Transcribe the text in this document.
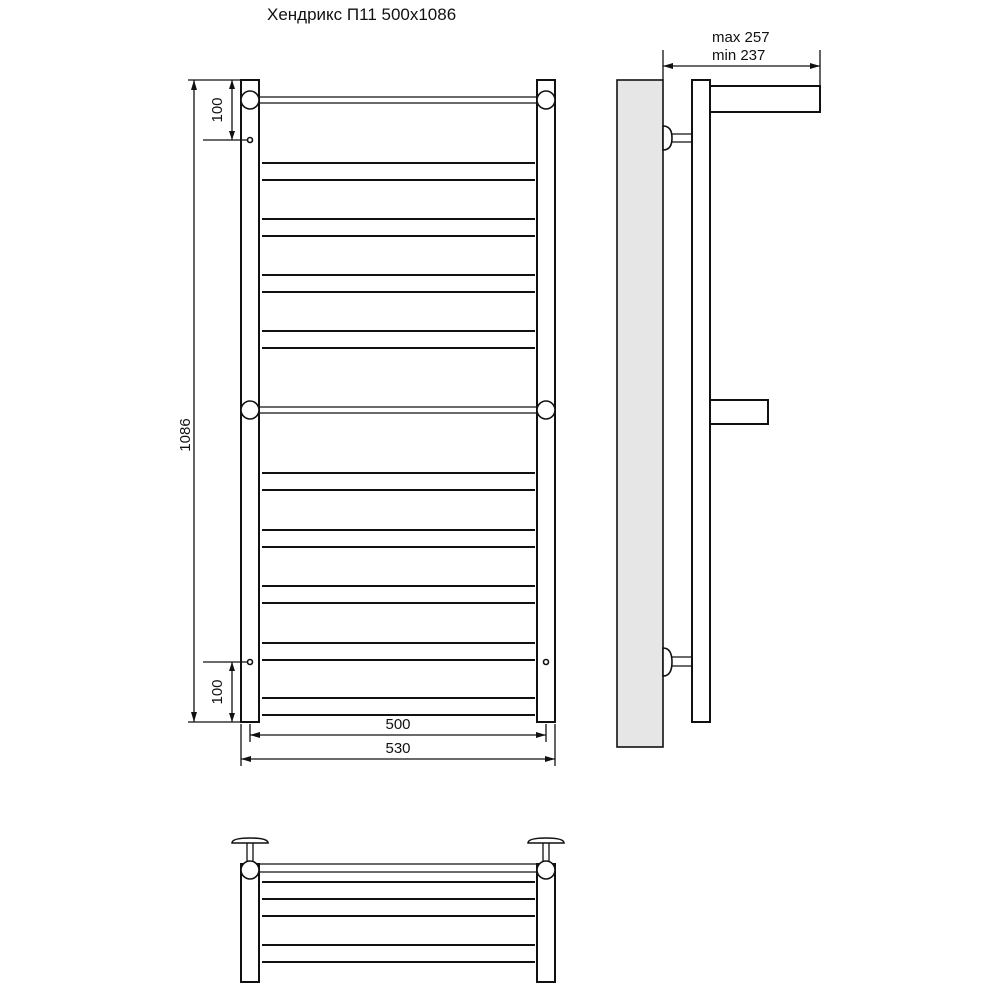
Хендрикс П11 500х1086
1086
100
100
500
530
max 257
min 237
